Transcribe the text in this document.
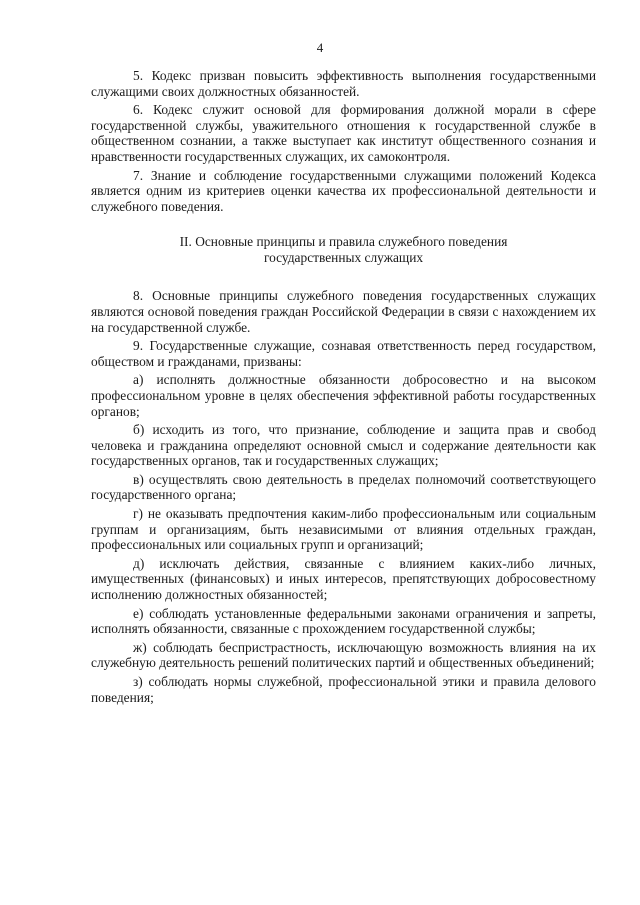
4

5. Кодекс призван повысить эффективность выполнения государственными служащими своих должностных обязанностей.

6. Кодекс служит основой для формирования должной морали в сфере государственной службы, уважительного отношения к государственной службе в общественном сознании, а также выступает как институт общественного сознания и нравственности государственных служащих, их самоконтроля.

7. Знание и соблюдение государственными служащими положений Кодекса является одним из критериев оценки качества их профессиональной деятельности и служебного поведения.

II. Основные принципы и правила служебного поведения
государственных служащих

8. Основные принципы служебного поведения государственных служащих являются основой поведения граждан Российской Федерации в связи с нахождением их на государственной службе.

9. Государственные служащие, сознавая ответственность перед государством, обществом и гражданами, призваны:

а) исполнять должностные обязанности добросовестно и на высоком профессиональном уровне в целях обеспечения эффективной работы государственных органов;

б) исходить из того, что признание, соблюдение и защита прав и свобод человека и гражданина определяют основной смысл и содержание деятельности как государственных органов, так и государственных служащих;

в) осуществлять свою деятельность в пределах полномочий соответствующего государственного органа;

г) не оказывать предпочтения каким-либо профессиональным или социальным группам и организациям, быть независимыми от влияния отдельных граждан, профессиональных или социальных групп и организаций;

д) исключать действия, связанные с влиянием каких-либо личных, имущественных (финансовых) и иных интересов, препятствующих добросовестному исполнению должностных обязанностей;

е) соблюдать установленные федеральными законами ограничения и запреты, исполнять обязанности, связанные с прохождением государственной службы;

ж) соблюдать беспристрастность, исключающую возможность влияния на их служебную деятельность решений политических партий и общественных объединений;

з) соблюдать нормы служебной, профессиональной этики и правила делового поведения;
